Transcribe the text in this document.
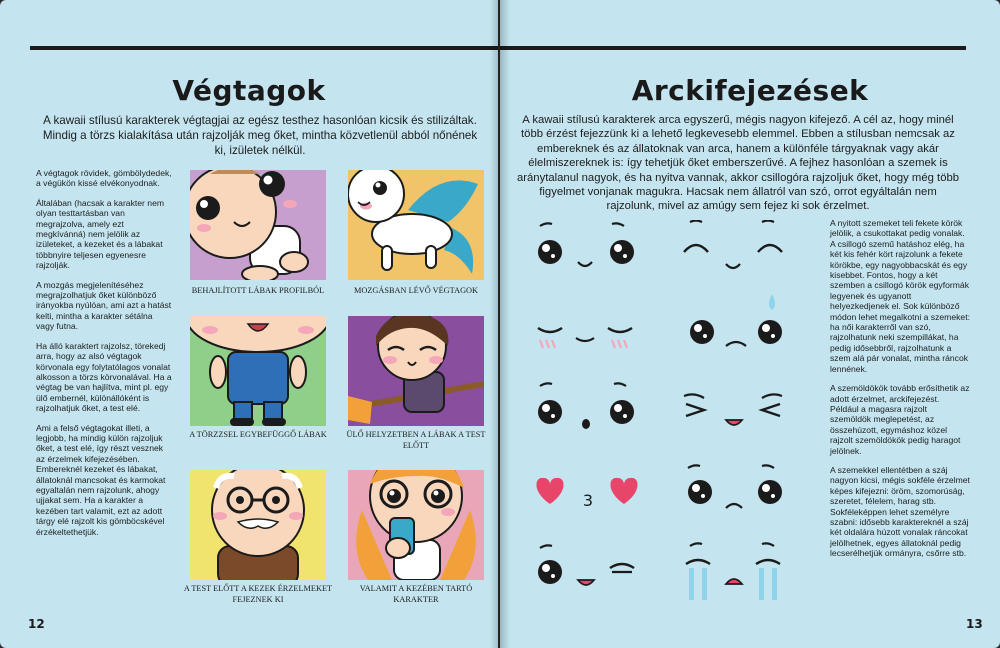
Végtagok
A kawaii stílusú karakterek végtagjai az egész testhez hasonlóan kicsik és stilizáltak. Mindig a törzs kialakítása után rajzolják meg őket, mintha közvetlenül abból nőnének ki, izületek nélkül.

A végtagok rövidek, gömbölydedek, a végükön kissé elvékonyodnak.

Általában (hacsak a karakter nem olyan testtartásban van megrajzolva, amely ezt megkívánná) nem jelölik az izületeket, a kezeket és a lábakat többnyire teljesen egyenesre rajzolják.

A mozgás megjelenítéséhez megrajzolhatjuk őket különböző irányokba nyúlóan, ami azt a hatást kelti, mintha a karakter sétálna vagy futna.

Ha álló karaktert rajzolsz, törekedj arra, hogy az alsó végtagok körvonala egy folytatólagos vonalat alkosson a törzs körvonalával. Ha a végtag be van hajlítva, mint pl. egy ülő embernél, különállóként is rajzolhatjuk őket, a test elé.

Ami a felső végtagokat illeti, a legjobb, ha mindig külön rajzoljuk őket, a test elé, így részt vesznek az érzelmek kifejezésében. Embereknél kezeket és lábakat, állatoknál mancsokat és karmokat egyaltalán nem rajzolunk, ahogy ujjakat sem. Ha a karakter a kezében tart valamit, ezt az adott tárgy elé rajzolt kis gömböcskével érzékeltethetjük.

BEHAJLÍTOTT LÁBAK PROFILBÓL	MOZGÁSBAN LÉVŐ VÉGTAGOK
A TÖRZZSEL EGYBEFÜGGŐ LÁBAK	ÜLŐ HELYZETBEN A LÁBAK A TEST ELŐTT
A TEST ELŐTT A KEZEK ÉRZELMEKET FEJEZNEK KI
VALAMIT A KEZÉBEN TARTÓ KARAKTER
12
Arckifejezések
A kawaii stílusú karakterek arca egyszerű, mégis nagyon kifejező. A cél az, hogy minél több érzést fejezzünk ki a lehető legkevesebb elemmel. Ebben a stílusban nemcsak az embereknek és az állatoknak van arca, hanem a különféle tárgyaknak vagy akár élelmiszereknek is: így tehetjük őket emberszerűvé. A fejhez hasonlóan a szemek is aránytalanul nagyok, és ha nyitva vannak, akkor csillogóra rajzoljuk őket, hogy még több figyelmet vonjanak magukra. Hacsak nem állatról van szó, orrot egyáltalán nem rajzolunk, mivel az amúgy sem fejez ki sok érzelmet.
3

A nyitott szemeket teli fekete körök jelölik, a csukottakat pedig vonalak. A csillogó szemű hatáshoz elég, ha két kis fehér kört rajzolunk a fekete körökbe, egy nagyobbacskát és egy kisebbet. Fontos, hogy a két szemben a csillogó körök egyformák legyenek és ugyanott helyezkedjenek el. Sok különböző módon lehet megalkotni a szemeket: ha női karakterről van szó, rajzolhatunk neki szempillákat, ha pedig idősebbről, rajzolhatunk a szem alá pár vonalat, mintha ráncok lennének.

A szemöldökök tovább erősíthetik az adott érzelmet, arckifejezést. Például a magasra rajzolt szemöldök meglepetést, az összehúzott, egymáshoz közel rajzolt szemöldökök pedig haragot jelölnek.

A szemekkel ellentétben a száj nagyon kicsi, mégis sokféle érzelmet képes kifejezni: öröm, szomorúság, szeretet, félelem, harag stb. Sokféleképpen lehet személyre szabni: idősebb karaktereknél a száj két oldalára húzott vonalak ráncokat jelölhetnek, egyes állatoknál pedig lecserélhetjük ormányra, csőrre stb.

13
